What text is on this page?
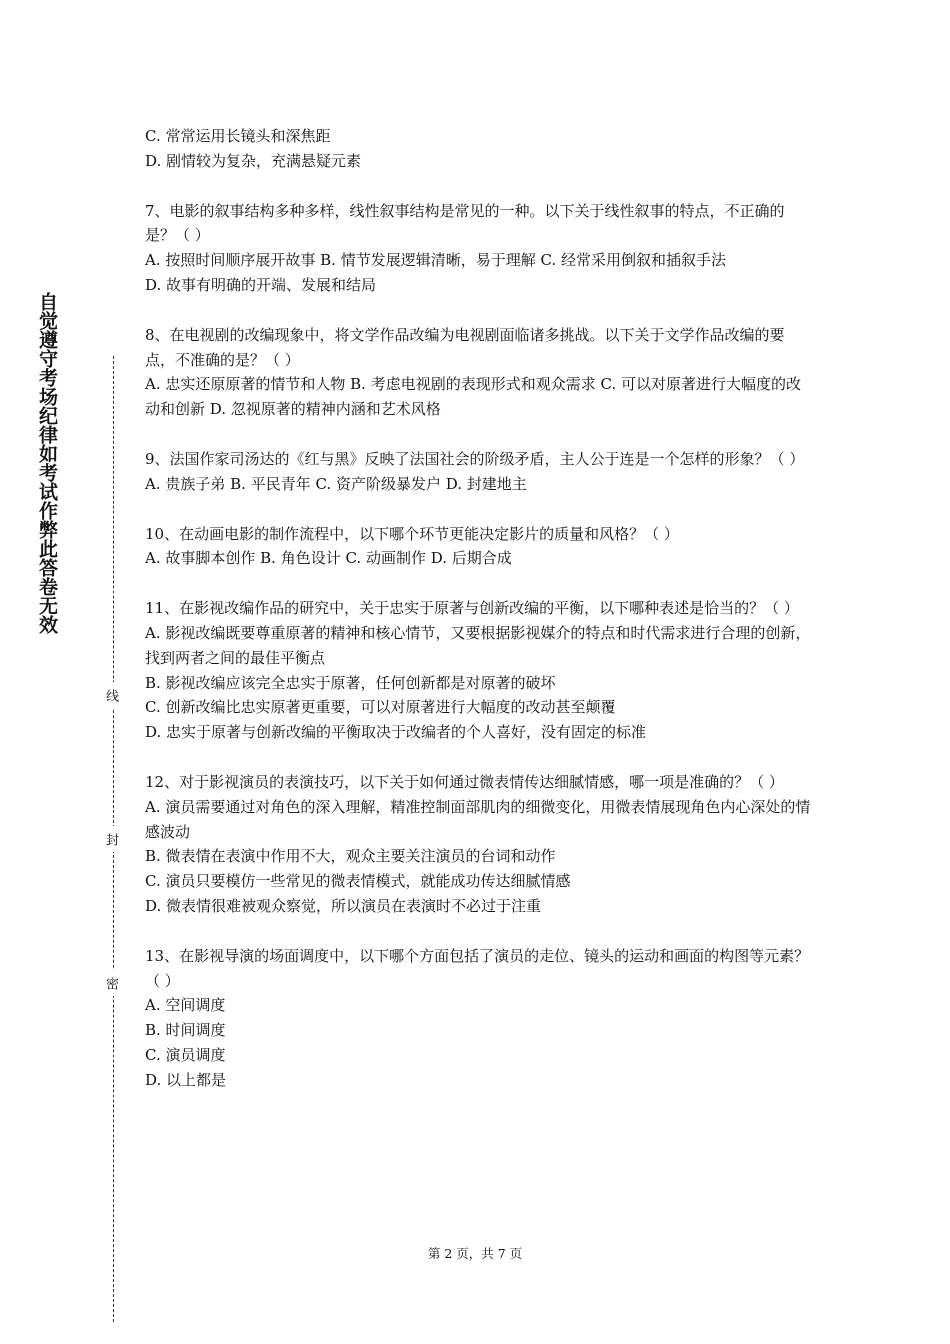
自觉遵守考场纪律如考试作弊此答卷无效
线
封
密

C. 常常运用长镜头和深焦距

D. 剧情较为复杂，充满悬疑元素

7、电影的叙事结构多种多样，线性叙事结构是常见的一种。以下关于线性叙事的特点，不正确的是？（ ）

A. 按照时间顺序展开故事 B. 情节发展逻辑清晰，易于理解 C. 经常采用倒叙和插叙手法

D. 故事有明确的开端、发展和结局

8、在电视剧的改编现象中，将文学作品改编为电视剧面临诸多挑战。以下关于文学作品改编的要点，不准确的是？（ ）

A. 忠实还原原著的情节和人物 B. 考虑电视剧的表现形式和观众需求 C. 可以对原著进行大幅度的改动和创新 D. 忽视原著的精神内涵和艺术风格

9、法国作家司汤达的《红与黑》反映了法国社会的阶级矛盾，主人公于连是一个怎样的形象？（ ）

A. 贵族子弟 B. 平民青年 C. 资产阶级暴发户 D. 封建地主

10、在动画电影的制作流程中，以下哪个环节更能决定影片的质量和风格？（ ）

A. 故事脚本创作 B. 角色设计 C. 动画制作 D. 后期合成

11、在影视改编作品的研究中，关于忠实于原著与创新改编的平衡，以下哪种表述是恰当的？（ ）

A. 影视改编既要尊重原著的精神和核心情节，又要根据影视媒介的特点和时代需求进行合理的创新，找到两者之间的最佳平衡点

B. 影视改编应该完全忠实于原著，任何创新都是对原著的破坏

C. 创新改编比忠实原著更重要，可以对原著进行大幅度的改动甚至颠覆

D. 忠实于原著与创新改编的平衡取决于改编者的个人喜好，没有固定的标准

12、对于影视演员的表演技巧，以下关于如何通过微表情传达细腻情感，哪一项是准确的？（ ）

A. 演员需要通过对角色的深入理解，精准控制面部肌肉的细微变化，用微表情展现角色内心深处的情感波动

B. 微表情在表演中作用不大，观众主要关注演员的台词和动作

C. 演员只要模仿一些常见的微表情模式，就能成功传达细腻情感

D. 微表情很难被观众察觉，所以演员在表演时不必过于注重

13、在影视导演的场面调度中，以下哪个方面包括了演员的走位、镜头的运动和画面的构图等元素？（ ）

A. 空间调度

B. 时间调度

C. 演员调度

D. 以上都是

第 2 页，共 7 页
